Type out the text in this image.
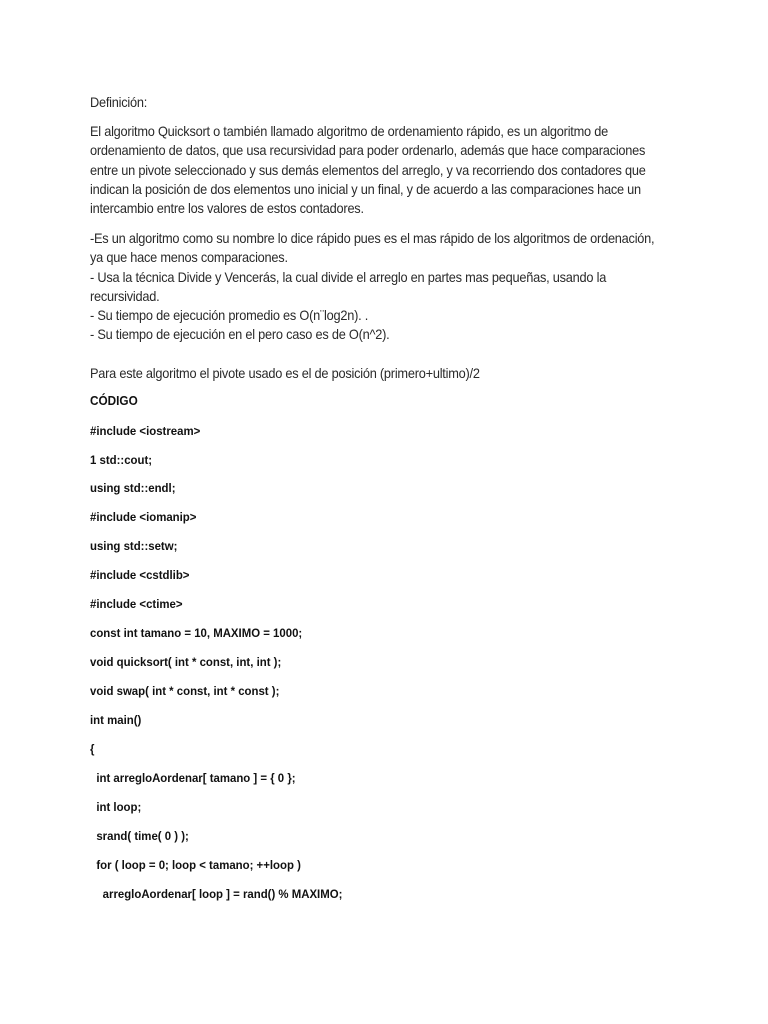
Definición:

El algoritmo Quicksort o también llamado algoritmo de ordenamiento rápido, es un algoritmo de
ordenamiento de datos, que usa recursividad para poder ordenarlo, además que hace comparaciones
entre un pivote seleccionado y sus demás elementos del arreglo, y va recorriendo dos contadores que
indican la posición de dos elementos uno inicial y un final, y de acuerdo a las comparaciones hace un
intercambio entre los valores de estos contadores.

-Es un algoritmo como su nombre lo dice rápido pues es el mas rápido de los algoritmos de ordenación,
ya que hace menos comparaciones.
- Usa la técnica Divide y Vencerás, la cual divide el arreglo en partes mas pequeñas, usando la
recursividad.
- Su tiempo de ejecución promedio es O(n¨log2n). .
- Su tiempo de ejecución en el pero caso es de O(n^2).

Para este algoritmo el pivote usado es el de posición (primero+ultimo)/2

CÓDIGO
#include <iostream>
1 std::cout;
using std::endl;
#include <iomanip>
using std::setw;
#include <cstdlib>
#include <ctime>
const int tamano = 10, MAXIMO = 1000;
void quicksort( int * const, int, int );
void swap( int * const, int * const );
int main()
{
int arregloAordenar[ tamano ] = { 0 };
int loop;
srand( time( 0 ) );
for ( loop = 0; loop < tamano; ++loop )
arregloAordenar[ loop ] = rand() % MAXIMO;
